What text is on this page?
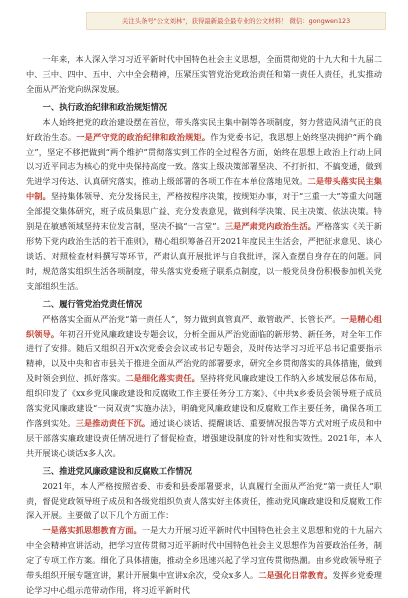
关注头条号"公文刘林"，获得最新最全最专业的公文材料！ 微信：gongwen123

一年来，本人深入学习习近平新时代中国特色社会主义思想，全面贯彻党的十九大和十九届二中、三中、四中、五中、六中全会精神，压紧压实管党治党政治责任和第一责任人责任，扎实推动全面从严治党向纵深发展。

一、执行政治纪律和政治规矩情况

本人始终把党的政治建设摆在首位，带头落实民主集中制等各项制度，努力营造风清气正的良好政治生态。一是严守党的政治纪律和政治规矩。作为党委书记，我思想上始终坚决拥护“两个确立”，坚定不移把做到“两个维护”贯彻落实到工作的全过程各方面，始终在思想上政治上行动上同以习近平同志为核心的党中央保持高度一致。落实上级决策部署坚决、不打折扣、不搞变通，做到先进学习传达、认真研究落实，推动上级部署的各项工作在本单位落地见效。二是带头落实民主集中制。坚持集体领导、充分发扬民主，严格按程序决策，按规矩办事，对于“三重一大”等重大问题全部提交集体研究，班子成员集思广益、充分发表意见，做到科学决策、民主决策、依法决策。特别是在敏感领域坚持末位发言制，坚决不搞“一言堂”。三是严肃党内政治生活。严格落实《关于新形势下党内政治生活的若干准则》，精心组织筹备召开2021年度民主生活会，严把征求意见、谈心谈话、对照检查材料撰写等环节，严肃认真开展批评与自我批评，深入查摆自身存在的问题。同时，规范落实组织生活各项制度，带头落实党委班子联系点制度，以一般党员身份积极参加机关党支部组织生活。

二、履行管党治党责任情况

严格落实全面从严治党“第一责任人”，努力做到真管真严、敢管敢严、长管长严。一是精心组织领导。年初召开党风廉政建设专题会议，分析全面从严治党面临的新形势、新任务，对全年工作进行了安排。随后又组织召开x次党委会会议或书记专题会，及时传达学习习近平总书记重要指示精神，以及中央和省市县关于推进全面从严治党的部署要求，研究全乡贯彻落实的具体措施，做到及时领会到位、抓好落实。二是细化落实责任。坚持将党风廉政建设工作纳入乡域发展总体布局，组织印发了《xx乡党风廉政建设和反腐败工作主要任务分工方案》、《中共x乡委员会领导班子成员落实党风廉政建设“一岗双责”实施办法》，明确党风廉政建设和反腐败工作主要任务，确保各项工作落到实处。三是推动责任下沉。通过谈心谈话、提醒谈话、重要情况报告等方式对班子成员和中层干部落实廉政建设责任情况进行了督促检查，增强建设制度的针对性和实效性。2021年，本人共开展谈心谈话x多人次。

三、推进党风廉政建设和反腐败工作情况

2021年，本人严格按照省委、市委和县委部署要求，认真履行全面从严治党“第一责任人”职责，督促党政领导班子成员和各级党组织负责人落实好主体责任，推动党风廉政建设和反腐败工作深入开展。主要做了以下几个方面工作：

一是落实抓思想教育方面。一是大力开展习近平新时代中国特色社会主义思想和党的十九届六中全会精神宣讲活动，把学习宣传贯彻习近平新时代中国特色社会主义思想作为首要政治任务，制定了专项工作方案。细化了具体措施，推动全乡迅速兴起了学习宣传贯彻热潮。由乡党政领导班子带头组织开展专题宣讲，累计开展集中宣讲x余次，受众x多人。二是强化日常教育。发挥乡党委理论学习中心组示范带动作用，将习近平新时代
